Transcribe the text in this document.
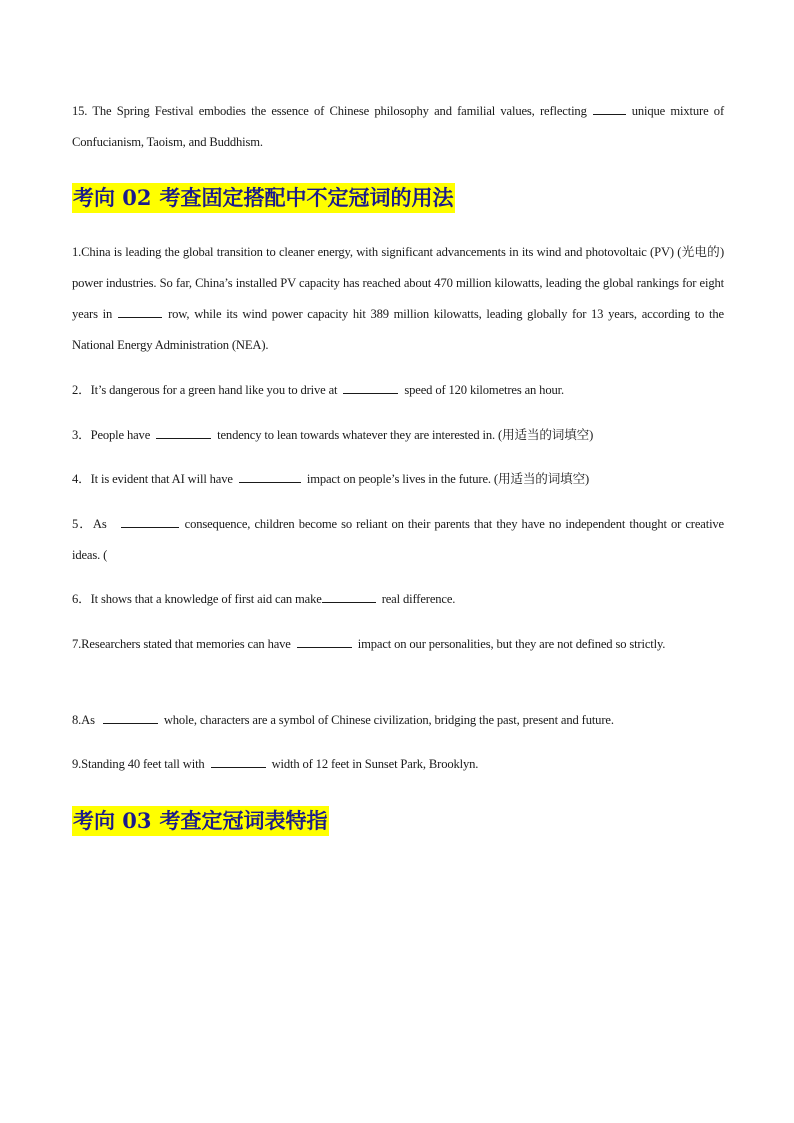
15. The Spring Festival embodies the essence of Chinese philosophy and familial values, reflecting	unique mixture of Confucianism, Taoism, and Buddhism.

考向 02 考查固定搭配中不定冠词的用法

1.China is leading the global transition to cleaner energy, with significant advancements in its wind and photovoltaic (PV) (光电的) power industries. So far, China’s installed PV capacity has reached about 470 million kilowatts, leading the global rankings for eight years in	row, while its wind power capacity hit 389 million kilowatts, leading globally for 13 years, according to the National Energy Administration (NEA).

2．It’s dangerous for a green hand like you to drive at	speed of 120 kilometres an hour.

3．People have	tendency to lean towards whatever they are interested in. (用适当的词填空)

4．It is evident that AI will have	impact on people’s lives in the future. (用适当的词填空)

5．As	consequence, children become so reliant on their parents that they have no independent thought or creative ideas. (

6．It shows that a knowledge of first aid can make	real difference.

7.Researchers stated that memories can have	impact on our personalities, but they are not defined so strictly.

8.As	whole, characters are a symbol of Chinese civilization, bridging the past, present and future.

9.Standing 40 feet tall with	width of 12 feet in Sunset Park, Brooklyn.

考向 03 考查定冠词表特指
